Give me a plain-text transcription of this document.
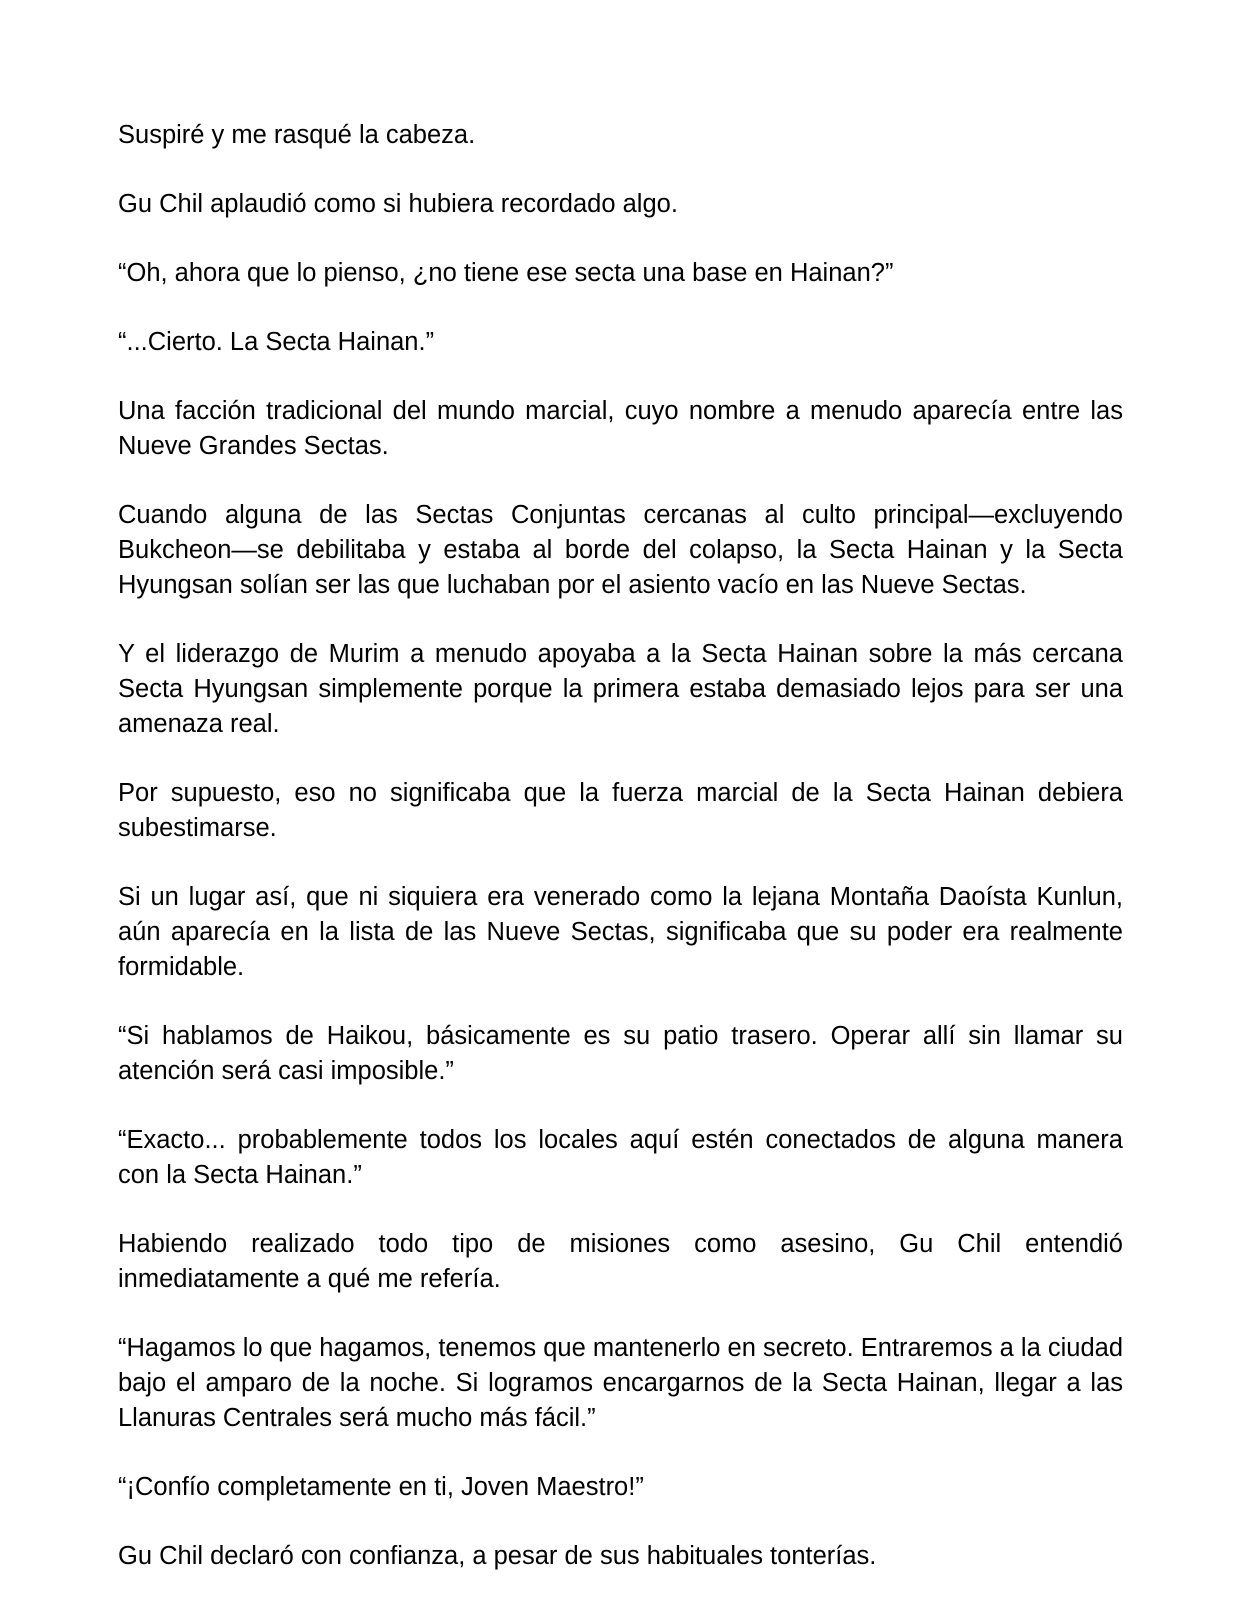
Suspiré y me rasqué la cabeza.

Gu Chil aplaudió como si hubiera recordado algo.

“Oh, ahora que lo pienso, ¿no tiene ese secta una base en Hainan?”

“...Cierto. La Secta Hainan.”

Una facción tradicional del mundo marcial, cuyo nombre a menudo aparecía entre las Nueve Grandes Sectas.

Cuando alguna de las Sectas Conjuntas cercanas al culto principal—excluyendo Bukcheon—se debilitaba y estaba al borde del colapso, la Secta Hainan y la Secta Hyungsan solían ser las que luchaban por el asiento vacío en las Nueve Sectas.

Y el liderazgo de Murim a menudo apoyaba a la Secta Hainan sobre la más cercana Secta Hyungsan simplemente porque la primera estaba demasiado lejos para ser una amenaza real.

Por supuesto, eso no significaba que la fuerza marcial de la Secta Hainan debiera subestimarse.

Si un lugar así, que ni siquiera era venerado como la lejana Montaña Daoísta Kunlun, aún aparecía en la lista de las Nueve Sectas, significaba que su poder era realmente formidable.

“Si hablamos de Haikou, básicamente es su patio trasero. Operar allí sin llamar su atención será casi imposible.”

“Exacto... probablemente todos los locales aquí estén conectados de alguna manera con la Secta Hainan.”

Habiendo realizado todo tipo de misiones como asesino, Gu Chil entendió inmediatamente a qué me refería.

“Hagamos lo que hagamos, tenemos que mantenerlo en secreto. Entraremos a la ciudad bajo el amparo de la noche. Si logramos encargarnos de la Secta Hainan, llegar a las Llanuras Centrales será mucho más fácil.”

“¡Confío completamente en ti, Joven Maestro!”

Gu Chil declaró con confianza, a pesar de sus habituales tonterías.
